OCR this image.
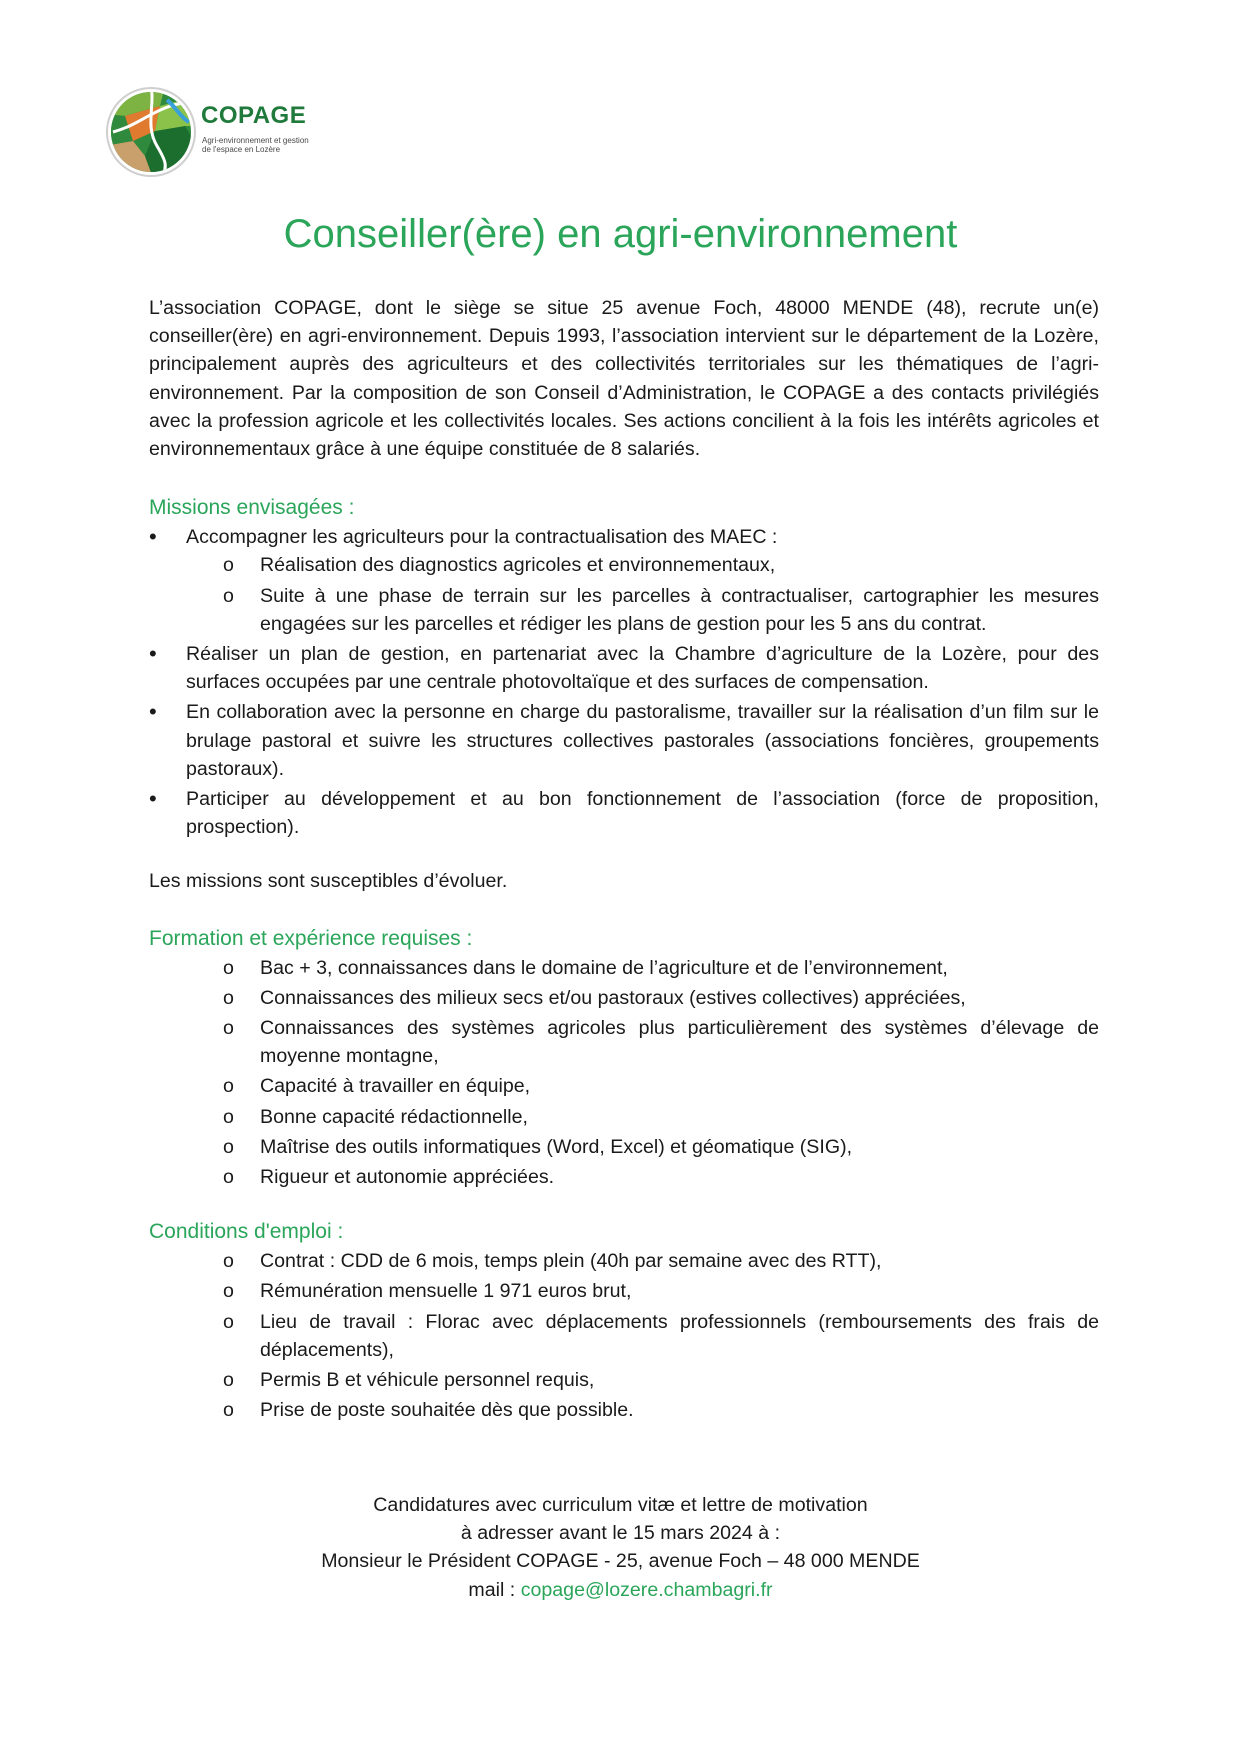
COPAGE
Agri-environnement et gestion de l'espace en Lozère
Conseiller(ère) en agri-environnement

L’association COPAGE, dont le siège se situe 25 avenue Foch, 48000 MENDE (48), recrute un(e) conseiller(ère) en agri-environnement. Depuis 1993, l’association intervient sur le département de la Lozère, principalement auprès des agriculteurs et des collectivités territoriales sur les thématiques de l’agri-environnement. Par la composition de son Conseil d’Administration, le COPAGE a des contacts privilégiés avec la profession agricole et les collectivités locales. Ses actions concilient à la fois les intérêts agricoles et environnementaux grâce à une équipe constituée de 8 salariés.

Missions envisagées :
• Accompagner les agriculteurs pour la contractualisation des MAEC :
o Réalisation des diagnostics agricoles et environnementaux,
o Suite à une phase de terrain sur les parcelles à contractualiser, cartographier les mesures engagées sur les parcelles et rédiger les plans de gestion pour les 5 ans du contrat.
• Réaliser un plan de gestion, en partenariat avec la Chambre d’agriculture de la Lozère, pour des surfaces occupées par une centrale photovoltaïque et des surfaces de compensation.
• En collaboration avec la personne en charge du pastoralisme, travailler sur la réalisation d’un film sur le brulage pastoral et suivre les structures collectives pastorales (associations foncières, groupements pastoraux).
• Participer au développement et au bon fonctionnement de l’association (force de proposition, prospection).

Les missions sont susceptibles d’évoluer.

Formation et expérience requises :
o Bac + 3, connaissances dans le domaine de l’agriculture et de l’environnement,
o Connaissances des milieux secs et/ou pastoraux (estives collectives) appréciées,
o Connaissances des systèmes agricoles plus particulièrement des systèmes d’élevage de moyenne montagne,
o Capacité à travailler en équipe,
o Bonne capacité rédactionnelle,
o Maîtrise des outils informatiques (Word, Excel) et géomatique (SIG),
o Rigueur et autonomie appréciées.
Conditions d'emploi :
o Contrat : CDD de 6 mois, temps plein (40h par semaine avec des RTT),
o Rémunération mensuelle 1 971 euros brut,
o Lieu de travail : Florac avec déplacements professionnels (remboursements des frais de déplacements),
o Permis B et véhicule personnel requis,
o Prise de poste souhaitée dès que possible.
Candidatures avec curriculum vitæ et lettre de motivation
à adresser avant le 15 mars 2024 à :
Monsieur le Président COPAGE - 25, avenue Foch – 48 000 MENDE
mail : copage@lozere.chambagri.fr
